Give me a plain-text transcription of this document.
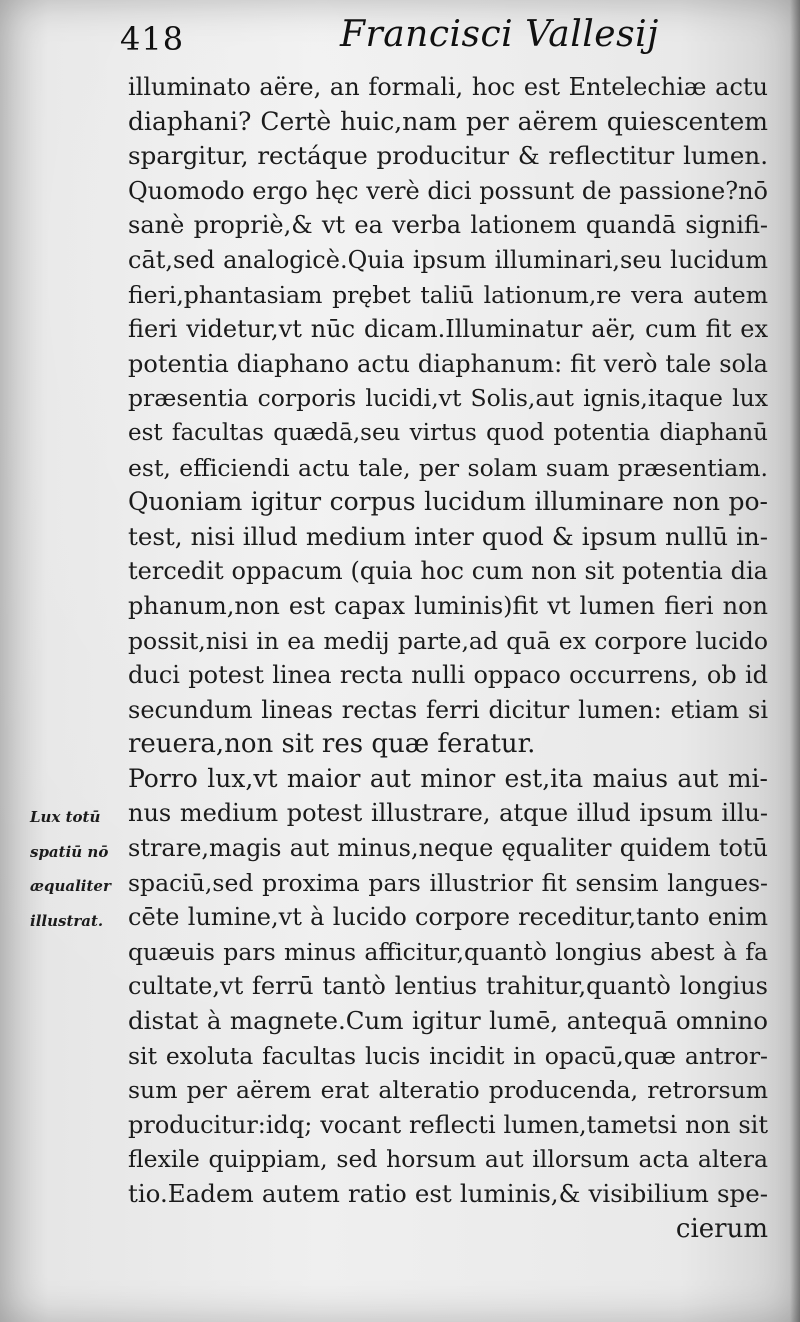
418	Francisci Vallesij
Lux totū
spatiū nō
æqualiter
illustrat.
illuminato aëre, an formali, hoc est Entelechiæ actu
diaphani? Certè huic,nam per aërem quiescentem
spargitur, rectáque producitur & reflectitur lumen.
Quomodo ergo hęc verè dici possunt de passione?nō
sanè propriè,& vt ea verba lationem quandā signifi-
cāt,sed analogicè.Quia ipsum illuminari,seu lucidum
fieri,phantasiam prębet taliū lationum,re vera autem
fieri videtur,vt nūc dicam.Illuminatur aër, cum fit ex
potentia diaphano actu diaphanum: fit verò tale sola
præsentia corporis lucidi,vt Solis,aut ignis,itaque lux
est facultas quædā,seu virtus quod potentia diaphanū
est, efficiendi actu tale, per solam suam præsentiam.
Quoniam igitur corpus lucidum illuminare non po-
test, nisi illud medium inter quod & ipsum nullū in-
tercedit oppacum (quia hoc cum non sit potentia dia
phanum,non est capax luminis)fit vt lumen fieri non
possit,nisi in ea medij parte,ad quā ex corpore lucido
duci potest linea recta nulli oppaco occurrens, ob id
secundum lineas rectas ferri dicitur lumen: etiam si
reuera,non sit res quæ feratur.
Porro lux,vt maior aut minor est,ita maius aut mi-
nus medium potest illustrare, atque illud ipsum illu-
strare,magis aut minus,neque ęqualiter quidem totū
spaciū,sed proxima pars illustrior fit sensim langues-
cēte lumine,vt à lucido corpore receditur,tanto enim
quæuis pars minus afficitur,quantò longius abest à fa
cultate,vt ferrū tantò lentius trahitur,quantò longius
distat à magnete.Cum igitur lumē, antequā omnino
sit exoluta facultas lucis incidit in opacū,quæ antror-
sum per aërem erat alteratio producenda, retrorsum
producitur:idq; vocant reflecti lumen,tametsi non sit
flexile quippiam, sed horsum aut illorsum acta altera
tio.Eadem autem ratio est luminis,& visibilium spe-
cierum
